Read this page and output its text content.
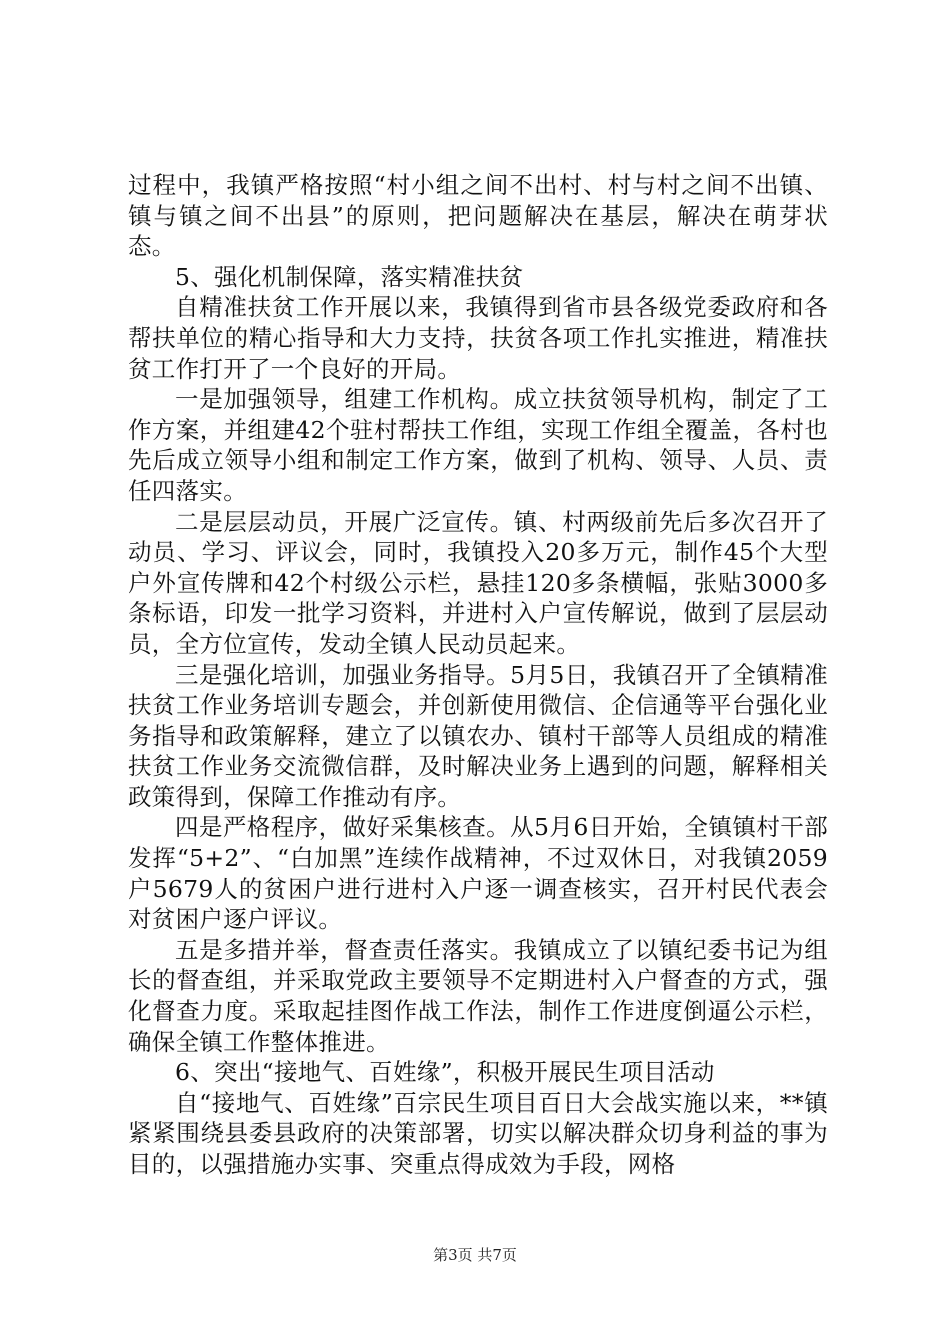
过程中，我镇严格按照“村小组之间不出村、村与村之间不出镇、镇与镇之间不出县”的原则，把问题解决在基层，解决在萌芽状态。

5、强化机制保障，落实精准扶贫

自精准扶贫工作开展以来，我镇得到省市县各级党委政府和各帮扶单位的精心指导和大力支持，扶贫各项工作扎实推进，精准扶贫工作打开了一个良好的开局。

一是加强领导，组建工作机构。成立扶贫领导机构，制定了工作方案，并组建42个驻村帮扶工作组，实现工作组全覆盖，各村也先后成立领导小组和制定工作方案，做到了机构、领导、人员、责任四落实。

二是层层动员，开展广泛宣传。镇、村两级前先后多次召开了动员、学习、评议会，同时，我镇投入20多万元，制作45个大型户外宣传牌和42个村级公示栏，悬挂120多条横幅，张贴3000多条标语，印发一批学习资料，并进村入户宣传解说，做到了层层动员，全方位宣传，发动全镇人民动员起来。

三是强化培训，加强业务指导。5月5日，我镇召开了全镇精准扶贫工作业务培训专题会，并创新使用微信、企信通等平台强化业务指导和政策解释，建立了以镇农办、镇村干部等人员组成的精准扶贫工作业务交流微信群，及时解决业务上遇到的问题，解释相关政策得到，保障工作推动有序。

四是严格程序，做好采集核查。从5月6日开始，全镇镇村干部发挥“5+2”、“白加黑”连续作战精神，不过双休日，对我镇2059户5679人的贫困户进行进村入户逐一调查核实，召开村民代表会对贫困户逐户评议。

五是多措并举，督查责任落实。我镇成立了以镇纪委书记为组长的督查组，并采取党政主要领导不定期进村入户督查的方式，强化督查力度。采取起挂图作战工作法，制作工作进度倒逼公示栏，确保全镇工作整体推进。

6、突出“接地气、百姓缘”，积极开展民生项目活动

自“接地气、百姓缘”百宗民生项目百日大会战实施以来，**镇紧紧围绕县委县政府的决策部署，切实以解决群众切身利益的事为目的，以强措施办实事、突重点得成效为手段，网格

第3页 共7页
